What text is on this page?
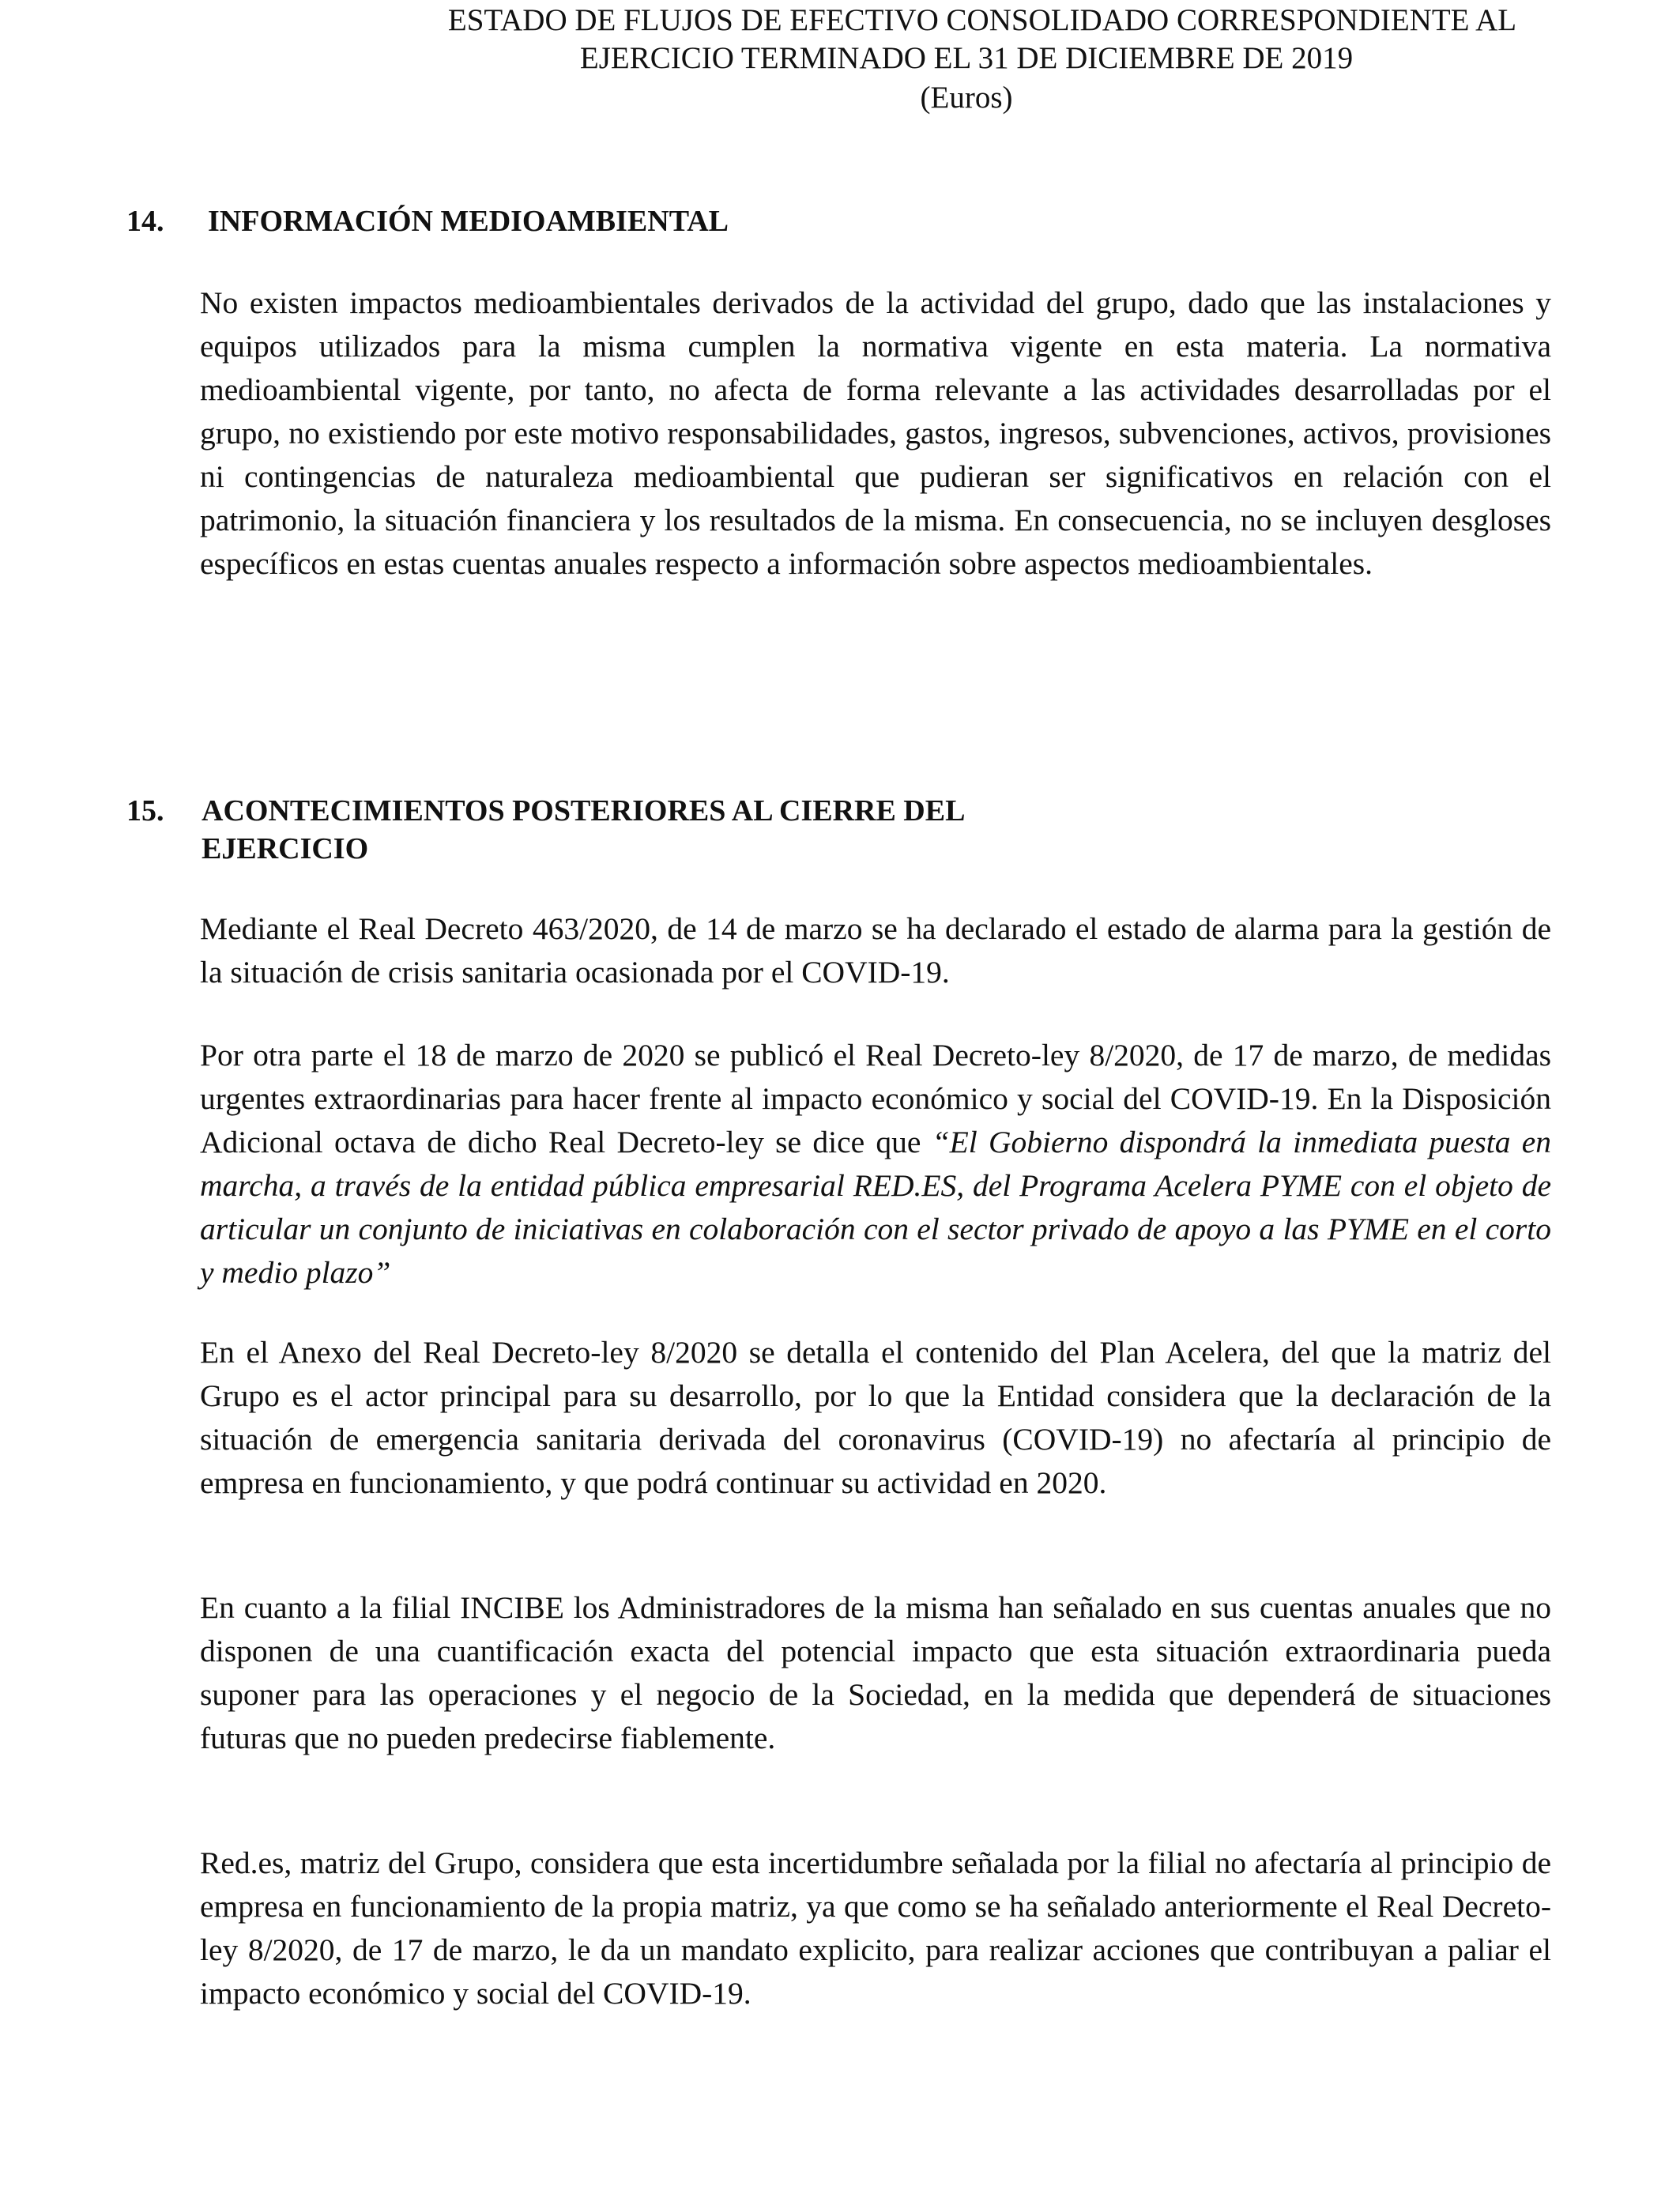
ESTADO DE FLUJOS DE EFECTIVO CONSOLIDADO CORRESPONDIENTE AL
EJERCICIO TERMINADO EL 31 DE DICIEMBRE DE 2019
(Euros)
14. INFORMACIÓN MEDIOAMBIENTAL

No existen impactos medioambientales derivados de la actividad del grupo, dado que las instalaciones y equipos utilizados para la misma cumplen la normativa vigente en esta materia. La normativa medioambiental vigente, por tanto, no afecta de forma relevante a las actividades desarrolladas por el grupo, no existiendo por este motivo responsabilidades, gastos, ingresos, subvenciones, activos, provisiones ni contingencias de naturaleza medioambiental que pudieran ser significativos en relación con el patrimonio, la situación financiera y los resultados de la misma. En consecuencia, no se incluyen desgloses específicos en estas cuentas anuales respecto a información sobre aspectos medioambientales.

15. ACONTECIMIENTOS POSTERIORES AL CIERRE DEL
EJERCICIO

Mediante el Real Decreto 463/2020, de 14 de marzo se ha declarado el estado de alarma para la gestión de la situación de crisis sanitaria ocasionada por el COVID-19.

Por otra parte el 18 de marzo de 2020 se publicó el Real Decreto-ley 8/2020, de 17 de marzo, de medidas urgentes extraordinarias para hacer frente al impacto económico y social del COVID-19. En la Disposición Adicional octava de dicho Real Decreto-ley se dice que “El Gobierno dispondrá la inmediata puesta en marcha, a través de la entidad pública empresarial RED.ES, del Programa Acelera PYME con el objeto de articular un conjunto de iniciativas en colaboración con el sector privado de apoyo a las PYME en el corto y medio plazo”

En el Anexo del Real Decreto-ley 8/2020 se detalla el contenido del Plan Acelera, del que la matriz del Grupo es el actor principal para su desarrollo, por lo que la Entidad considera que la declaración de la situación de emergencia sanitaria derivada del coronavirus (COVID-19) no afectaría al principio de empresa en funcionamiento, y que podrá continuar su actividad en 2020.

En cuanto a la filial INCIBE los Administradores de la misma han señalado en sus cuentas anuales que no disponen de una cuantificación exacta del potencial impacto que esta situación extraordinaria pueda suponer para las operaciones y el negocio de la Sociedad, en la medida que dependerá de situaciones futuras que no pueden predecirse fiablemente.

Red.es, matriz del Grupo, considera que esta incertidumbre señalada por la filial no afectaría al principio de empresa en funcionamiento de la propia matriz, ya que como se ha señalado anteriormente el Real Decreto-ley 8/2020, de 17 de marzo, le da un mandato explicito, para realizar acciones que contribuyan a paliar el impacto económico y social del COVID-19.
